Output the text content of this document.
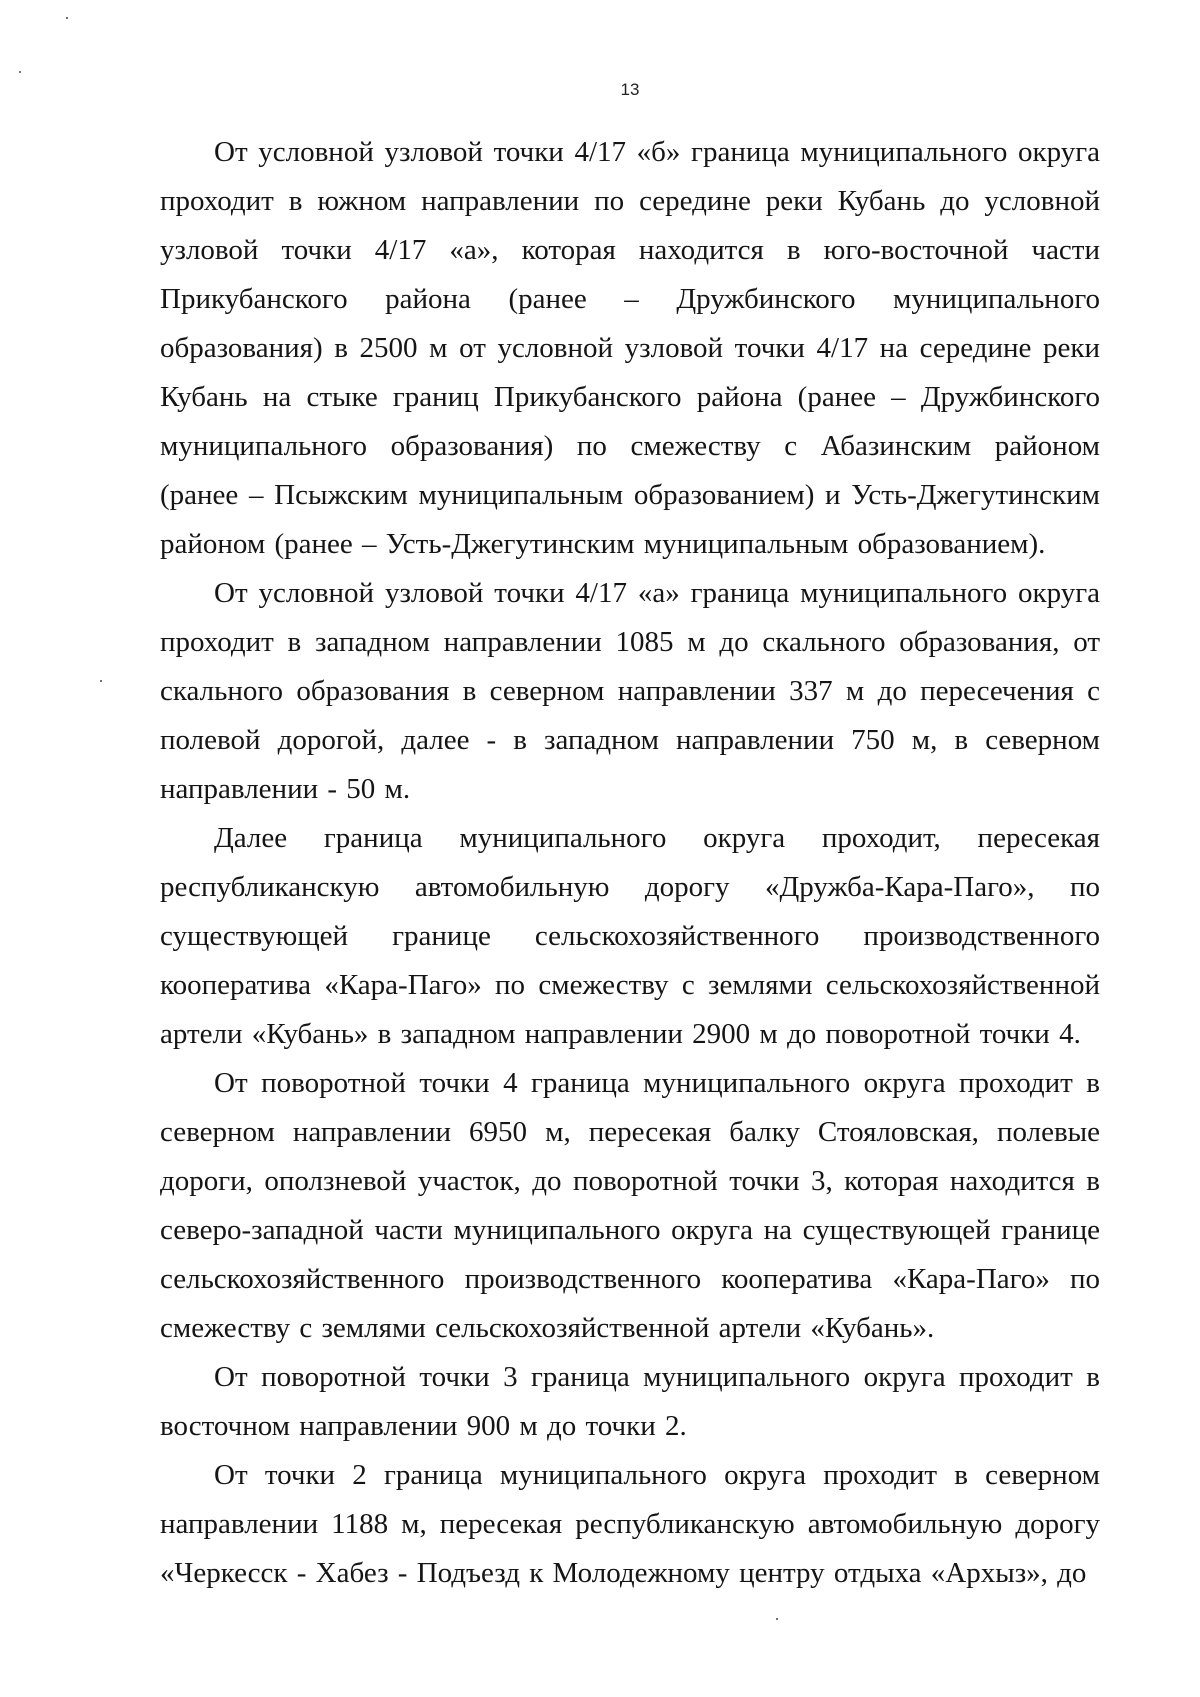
13

От условной узловой точки 4/17 «б» граница муниципального округа проходит в южном направлении по середине реки Кубань до условной узловой точки 4/17 «а», которая находится в юго-восточной части Прикубанского района (ранее – Дружбинского муниципального образования) в 2500 м от условной узловой точки 4/17 на середине реки Кубань на стыке границ Прикубанского района (ранее – Дружбинского муниципального образования) по смежеству с Абазинским районом (ранее – Псыжским муниципальным образованием) и Усть-Джегутинским районом (ранее – Усть-Джегутинским муниципальным образованием).

От условной узловой точки 4/17 «а» граница муниципального округа проходит в западном направлении 1085 м до скального образования, от скального образования в северном направлении 337 м до пересечения с полевой дорогой, далее - в западном направлении 750 м, в северном направлении - 50 м.

Далее граница муниципального округа проходит, пересекая республиканскую автомобильную дорогу «Дружба-Кара-Паго», по существующей границе сельскохозяйственного производственного кооператива «Кара-Паго» по смежеству с землями сельскохозяйственной артели «Кубань» в западном направлении 2900 м до поворотной точки 4.

От поворотной точки 4 граница муниципального округа проходит в северном направлении 6950 м, пересекая балку Стояловская, полевые дороги, оползневой участок, до поворотной точки 3, которая находится в северо-западной части муниципального округа на существующей границе сельскохозяйственного производственного кооператива «Кара-Паго» по смежеству с землями сельскохозяйственной артели «Кубань».

От поворотной точки 3 граница муниципального округа проходит в восточном направлении 900 м до точки 2.

От точки 2 граница муниципального округа проходит в северном направлении 1188 м, пересекая республиканскую автомобильную дорогу «Черкесск - Хабез - Подъезд к Молодежному центру отдыха «Архыз», до
